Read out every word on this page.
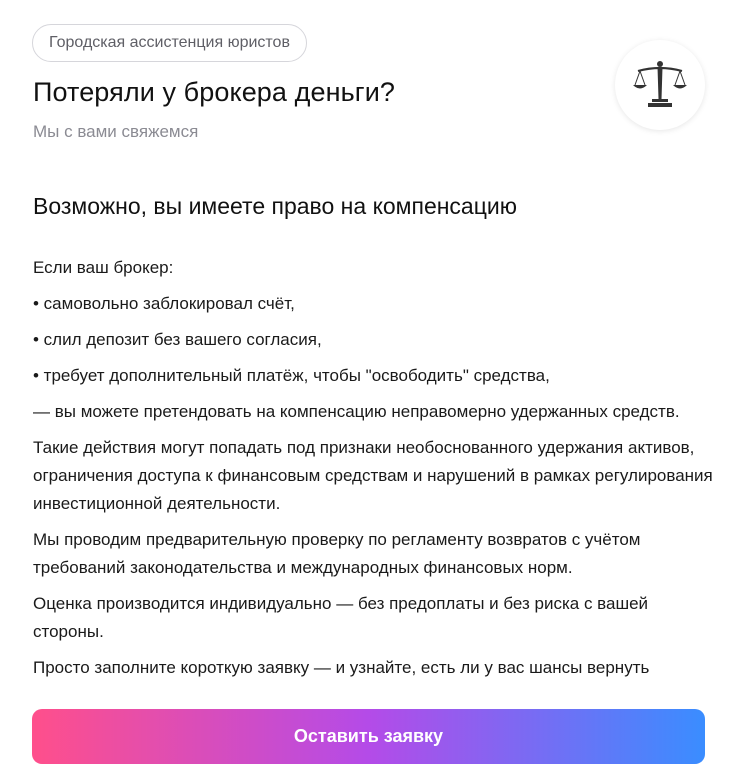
Городская ассистенция юристов
Потеряли у брокера деньги?

Мы с вами свяжемся

Возможно, вы имеете право на компенсацию

Если ваш брокер:

• самовольно заблокировал счёт,

• слил депозит без вашего согласия,

• требует дополнительный платёж, чтобы "освободить" средства,

— вы можете претендовать на компенсацию неправомерно удержанных средств.

Такие действия могут попадать под признаки необоснованного удержания активов, ограничения доступа к финансовым средствам и нарушений в рамках регулирования инвестиционной деятельности.

Мы проводим предварительную проверку по регламенту возвратов с учётом требований законодательства и международных финансовых норм.

Оценка производится индивидуально — без предоплаты и без риска с вашей стороны.

Просто заполните короткую заявку — и узнайте, есть ли у вас шансы вернуть

Оставить заявку
